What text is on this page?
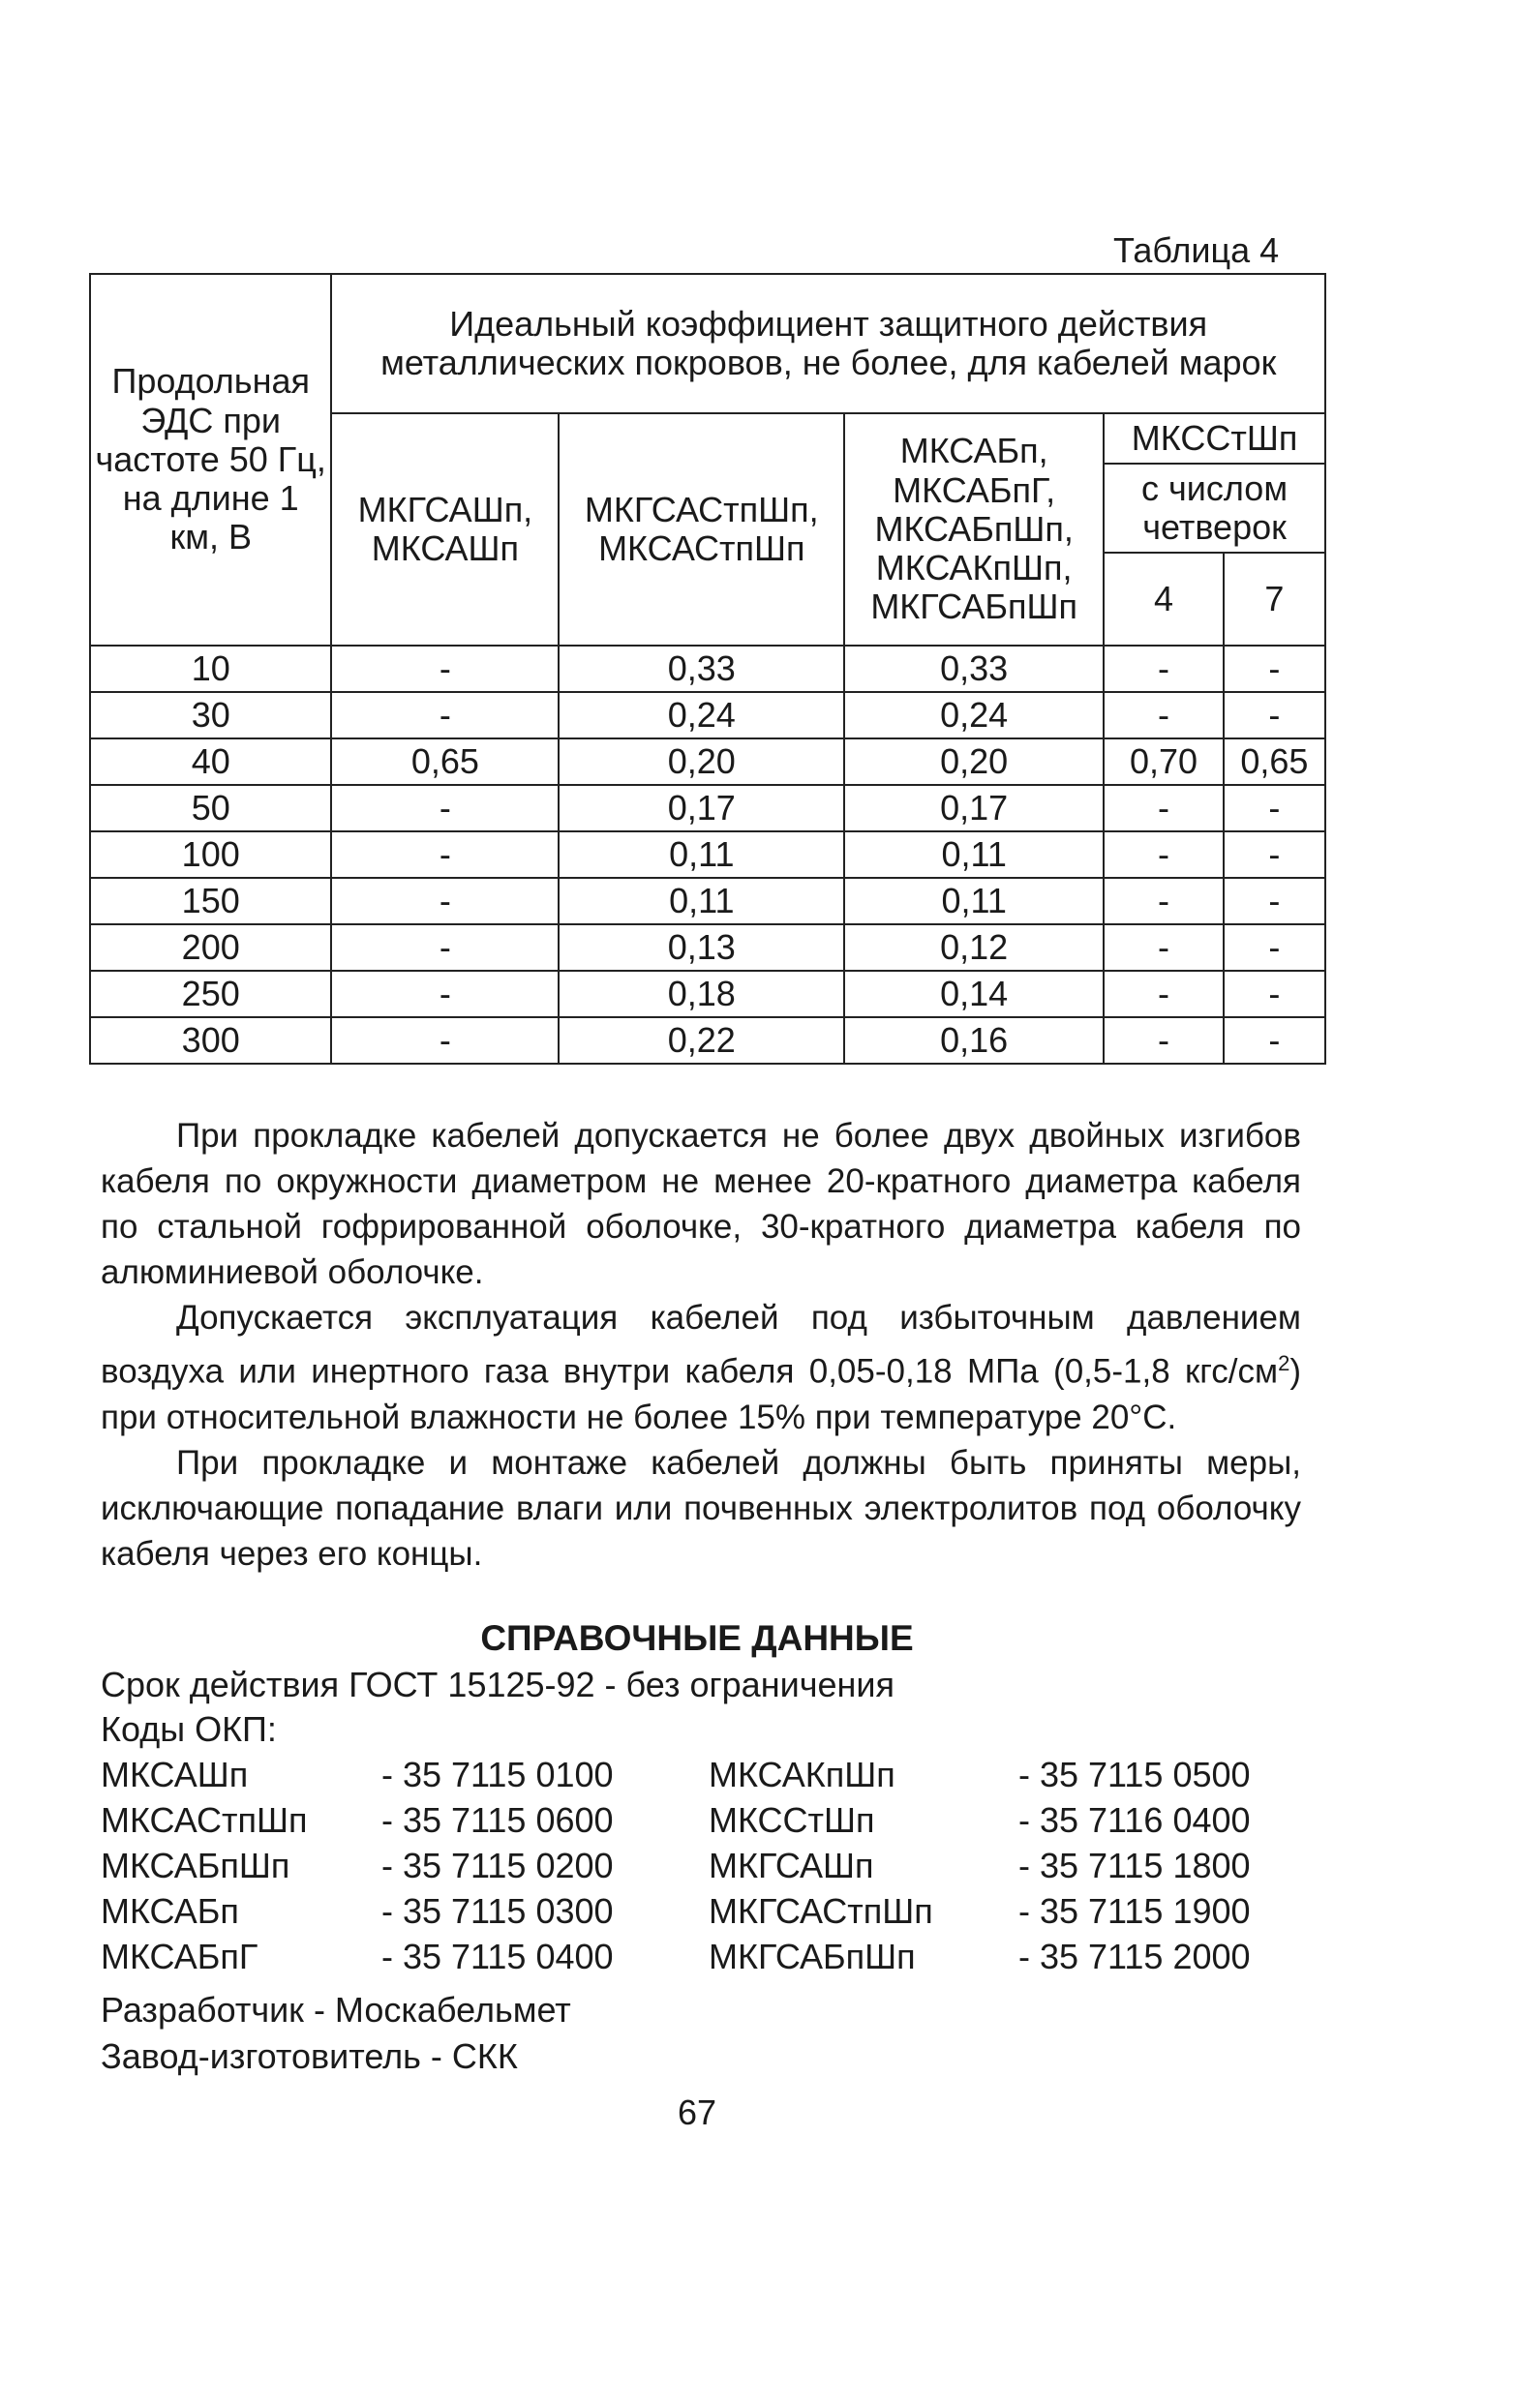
Таблица 4
Продольная ЭДС при частоте 50 Гц, на длине 1 км, В	Идеальный коэффициент защитного действия металлических покровов, не более, для кабелей марок				
	МКГСАШп, МКСАШп	МКГСАСтпШп, МКСАСтпШп	МКСАБп, МКСАБпГ, МКСАБпШп, МКСАКпШп, МКГСАБпШп	МКССтШп	
				с числом четверок	
				4	7
10	-	0,33	0,33	-	-
30	-	0,24	0,24	-	-
40	0,65	0,20	0,20	0,70	0,65
50	-	0,17	0,17	-	-
100	-	0,11	0,11	-	-
150	-	0,11	0,11	-	-
200	-	0,13	0,12	-	-
250	-	0,18	0,14	-	-
300	-	0,22	0,16	-	-

При прокладке кабелей допускается не более двух двойных изгибов кабеля по окружности диаметром не менее 20-кратного диаметра кабеля по стальной гофрированной оболочке, 30-кратного диаметра кабеля по алюминиевой оболочке.

Допускается эксплуатация кабелей под избыточным давлением воздуха или инертного газа внутри кабеля 0,05-0,18 МПа (0,5-1,8 кгс/$см^2$) при относительной влажности не более 15% при температуре 20°С.

При прокладке и монтаже кабелей должны быть приняты меры, исключающие попадание влаги или почвенных электролитов под оболочку кабеля через его концы.

СПРАВОЧНЫЕ ДАННЫЕ
Срок действия ГОСТ 15125-92 - без ограничения
Коды ОКП:
МКСАШп	- 35 7115 0100	МКСАКпШп	- 35 7115 0500
МКСАСтпШп	- 35 7115 0600	МКССтШп	- 35 7116 0400
МКСАБпШп	- 35 7115 0200	МКГСАШп	- 35 7115 1800
МКСАБп	- 35 7115 0300	МКГСАСтпШп	- 35 7115 1900
МКСАБпГ	- 35 7115 0400	МКГСАБпШп	- 35 7115 2000
Разработчик - Москабельмет
Завод-изготовитель - СКК
67
